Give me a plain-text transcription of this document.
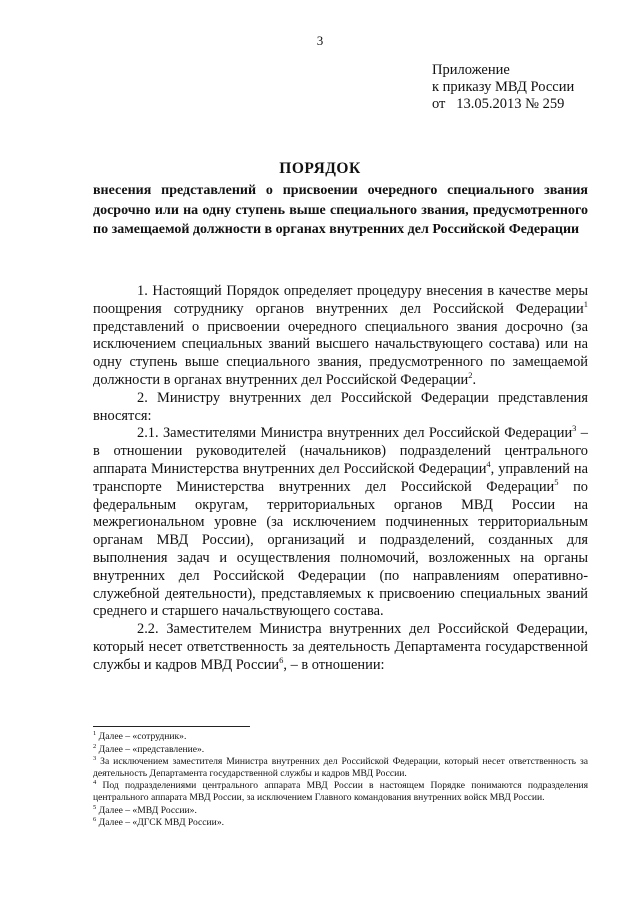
3
Приложение
к приказу МВД России
от   13.05.2013 № 259
ПОРЯДОК
внесения представлений о присвоении очередного специального звания досрочно или на одну ступень выше специального звания, предусмотренного по замещаемой должности в органах внутренних дел Российской Федерации

1. Настоящий Порядок определяет процедуру внесения в качестве меры поощрения сотруднику органов внутренних дел Российской Федерации$^1$ представлений о присвоении очередного специального звания досрочно (за исключением специальных званий высшего начальствующего состава) или на одну ступень выше специального звания, предусмотренного по замещаемой должности в органах внутренних дел Российской Федерации$^2$.

2. Министру внутренних дел Российской Федерации представления вносятся:

2.1. Заместителями Министра внутренних дел Российской Федерации$^3$ – в отношении руководителей (начальников) подразделений центрального аппарата Министерства внутренних дел Российской Федерации$^4$, управлений на транспорте Министерства внутренних дел Российской Федерации$^5$ по федеральным округам, территориальных органов МВД России на межрегиональном уровне (за исключением подчиненных территориальным органам МВД России), организаций и подразделений, созданных для выполнения задач и осуществления полномочий, возложенных на органы внутренних дел Российской Федерации (по направлениям оперативно-служебной деятельности), представляемых к присвоению специальных званий среднего и старшего начальствующего состава.

2.2. Заместителем Министра внутренних дел Российской Федерации, который несет ответственность за деятельность Департамента государственной службы и кадров МВД России$^6$, – в отношении:

$^1$ Далее – «сотрудник».

$^2$ Далее – «представление».

$^3$ За исключением заместителя Министра внутренних дел Российской Федерации, который несет ответственность за деятельность Департамента государственной службы и кадров МВД России.

$^4$ Под подразделениями центрального аппарата МВД России в настоящем Порядке понимаются подразделения центрального аппарата МВД России, за исключением Главного командования внутренних войск МВД России.

$^5$ Далее – «МВД России».

$^6$ Далее – «ДГСК МВД России».
